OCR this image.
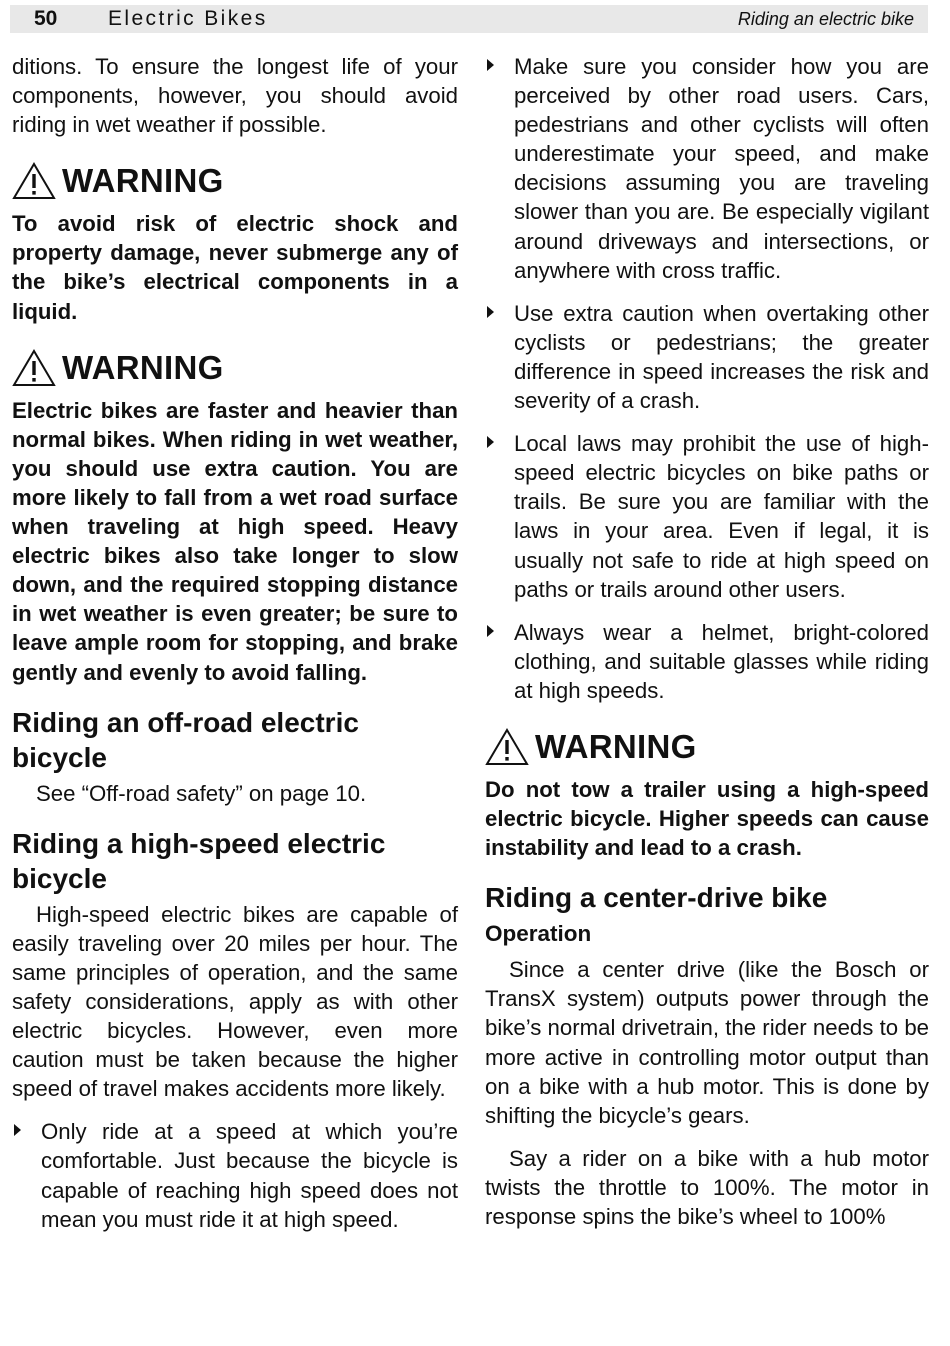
50 Electric Bikes	Riding an electric bike

ditions. To ensure the longest life of your components, however, you should avoid riding in wet weather if possible.

WARNING

To avoid risk of electric shock and property damage, never submerge any of the bike’s electrical components in a liquid.

WARNING

Electric bikes are faster and heavier than normal bikes. When riding in wet weather, you should use extra caution. You are more likely to fall from a wet road surface when traveling at high speed. Heavy electric bikes also take longer to slow down, and the required stopping distance in wet weather is even greater; be sure to leave ample room for stopping, and brake gently and evenly to avoid falling.

Riding an off-road electric bicycle

See “Off-road safety” on page 10.

Riding a high-speed electric bicycle

High-speed electric bikes are capable of easily traveling over 20 miles per hour. The same principles of operation, and the same safety considerations, apply as with other electric bicycles. However, even more caution must be taken because the higher speed of travel makes accidents more likely.

Only ride at a speed at which you’re comfortable. Just because the bicycle is capable of reaching high speed does not mean you must ride it at high speed.
Make sure you consider how you are perceived by other road users. Cars, pedestrians and other cyclists will often underestimate your speed, and make decisions assuming you are traveling slower than you are. Be especially vigilant around driveways and intersections, or anywhere with cross traffic.
Use extra caution when overtaking other cyclists or pedestrians; the greater difference in speed increases the risk and severity of a crash.
Local laws may prohibit the use of high-speed electric bicycles on bike paths or trails. Be sure you are familiar with the laws in your area. Even if legal, it is usually not safe to ride at high speed on paths or trails around other users.
Always wear a helmet, bright-colored clothing, and suitable glasses while riding at high speeds.
WARNING

Do not tow a trailer using a high-speed electric bicycle. Higher speeds can cause instability and lead to a crash.

Riding a center-drive bike
Operation

Since a center drive (like the Bosch or TransX system) outputs power through the bike’s normal drivetrain, the rider needs to be more active in controlling motor output than on a bike with a hub motor. This is done by shifting the bicycle’s gears.

Say a rider on a bike with a hub motor twists the throttle to 100%. The motor in response spins the bike’s wheel to 100%
